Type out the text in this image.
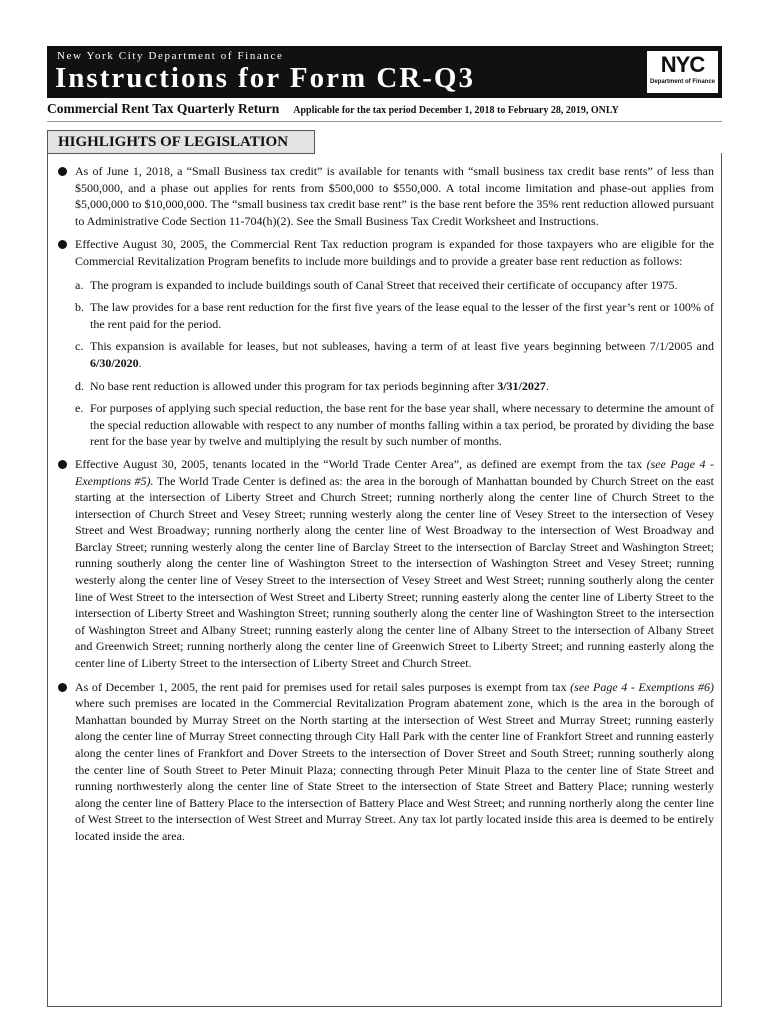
New York City Department of Finance
Instructions for Form CR-Q3	NYC
Department of Finance
Commercial Rent Tax Quarterly Return Applicable for the tax period December 1, 2018 to February 28, 2019, ONLY
HIGHLIGHTS OF LEGISLATION
As of June 1, 2018, a “Small Business tax credit” is available for tenants with “small business tax credit base rents” of less than $500,000, and a phase out applies for rents from $500,000 to $550,000. A total income limitation and phase-out applies from $5,000,000 to $10,000,000. The “small business tax credit base rent” is the base rent before the 35% rent reduction allowed pursuant to Administrative Code Section 11-704(h)(2). See the Small Business Tax Credit Worksheet and Instructions.
Effective August 30, 2005, the Commercial Rent Tax reduction program is expanded for those taxpayers who are eligible for the Commercial Revitalization Program benefits to include more buildings and to provide a greater base rent reduction as follows:
a. The program is expanded to include buildings south of Canal Street that received their certificate of occupancy after 1975.
b. The law provides for a base rent reduction for the first five years of the lease equal to the lesser of the first year’s rent or 100% of the rent paid for the period.
c. This expansion is available for leases, but not subleases, having a term of at least five years beginning between 7/1/2005 and 6/30/2020.
d. No base rent reduction is allowed under this program for tax periods beginning after 3/31/2027.
e. For purposes of applying such special reduction, the base rent for the base year shall, where necessary to determine the amount of the special reduction allowable with respect to any number of months falling within a tax period, be prorated by dividing the base rent for the base year by twelve and multiplying the result by such number of months.
Effective August 30, 2005, tenants located in the “World Trade Center Area”, as defined are exempt from the tax (see Page 4 - Exemptions #5). The World Trade Center is defined as: the area in the borough of Manhattan bounded by Church Street on the east starting at the intersection of Liberty Street and Church Street; running northerly along the center line of Church Street to the intersection of Church Street and Vesey Street; running westerly along the center line of Vesey Street to the intersection of Vesey Street and West Broadway; running northerly along the center line of West Broadway to the intersection of West Broadway and Barclay Street; running westerly along the center line of Barclay Street to the intersection of Barclay Street and Washington Street; running southerly along the center line of Washington Street to the intersection of Washington Street and Vesey Street; running westerly along the center line of Vesey Street to the intersection of Vesey Street and West Street; running southerly along the center line of West Street to the intersection of West Street and Liberty Street; running easterly along the center line of Liberty Street to the intersection of Liberty Street and Washington Street; running southerly along the center line of Washington Street to the intersection of Washington Street and Albany Street; running easterly along the center line of Albany Street to the intersection of Albany Street and Greenwich Street; running northerly along the center line of Greenwich Street to Liberty Street; and running easterly along the center line of Liberty Street to the intersection of Liberty Street and Church Street.
As of December 1, 2005, the rent paid for premises used for retail sales purposes is exempt from tax (see Page 4 - Exemptions #6) where such premises are located in the Commercial Revitalization Program abatement zone, which is the area in the borough of Manhattan bounded by Murray Street on the North starting at the intersection of West Street and Murray Street; running easterly along the center line of Murray Street connecting through City Hall Park with the center line of Frankfort Street and running easterly along the center lines of Frankfort and Dover Streets to the intersection of Dover Street and South Street; running southerly along the center line of South Street to Peter Minuit Plaza; connecting through Peter Minuit Plaza to the center line of State Street and running northwesterly along the center line of State Street to the intersection of State Street and Battery Place; running westerly along the center line of Battery Place to the intersection of Battery Place and West Street; and running northerly along the center line of West Street to the intersection of West Street and Murray Street. Any tax lot partly located inside this area is deemed to be entirely located inside the area.
